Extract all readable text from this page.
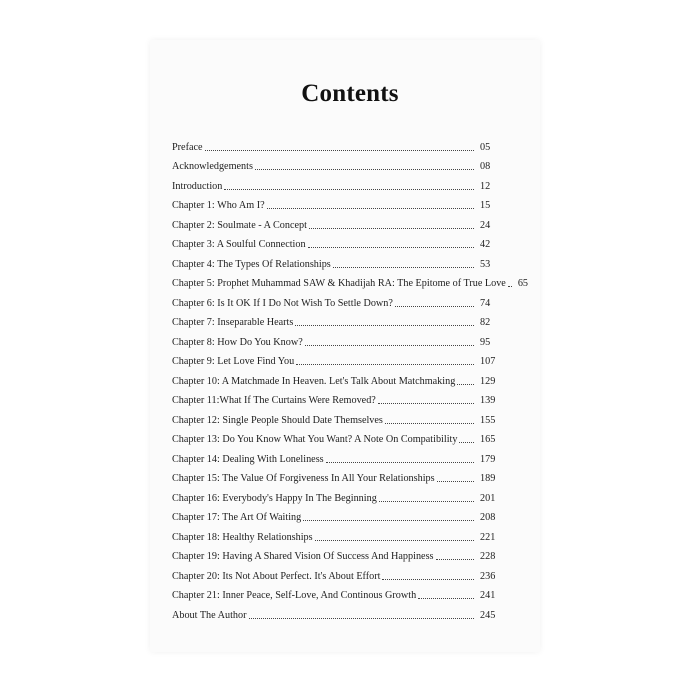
Contents
Preface	05
Acknowledgements	08
Introduction	12
Chapter 1: Who Am I?	15
Chapter 2: Soulmate - A Concept	24
Chapter 3: A Soulful Connection	42
Chapter 4: The Types Of Relationships	53
Chapter 5: Prophet Muhammad SAW & Khadijah RA: The Epitome of True Love 65
Chapter 6: Is It OK If I Do Not Wish To Settle Down?	74
Chapter 7: Inseparable Hearts	82
Chapter 8: How Do You Know?	95
Chapter 9: Let Love Find You	107
Chapter 10: A Matchmade In Heaven. Let's Talk About Matchmaking 129
Chapter 11:What If The Curtains Were Removed?	139
Chapter 12: Single People Should Date Themselves	155
Chapter 13: Do You Know What You Want? A Note On Compatibility 165
Chapter 14: Dealing With Loneliness	179
Chapter 15: The Value Of Forgiveness In All Your Relationships	189
Chapter 16: Everybody's Happy In The Beginning	201
Chapter 17: The Art Of Waiting	208
Chapter 18: Healthy Relationships	221
Chapter 19: Having A Shared Vision Of Success And Happiness	228
Chapter 20: Its Not About Perfect. It's About Effort	236
Chapter 21: Inner Peace, Self-Love, And Continous Growth	241
About The Author	245
